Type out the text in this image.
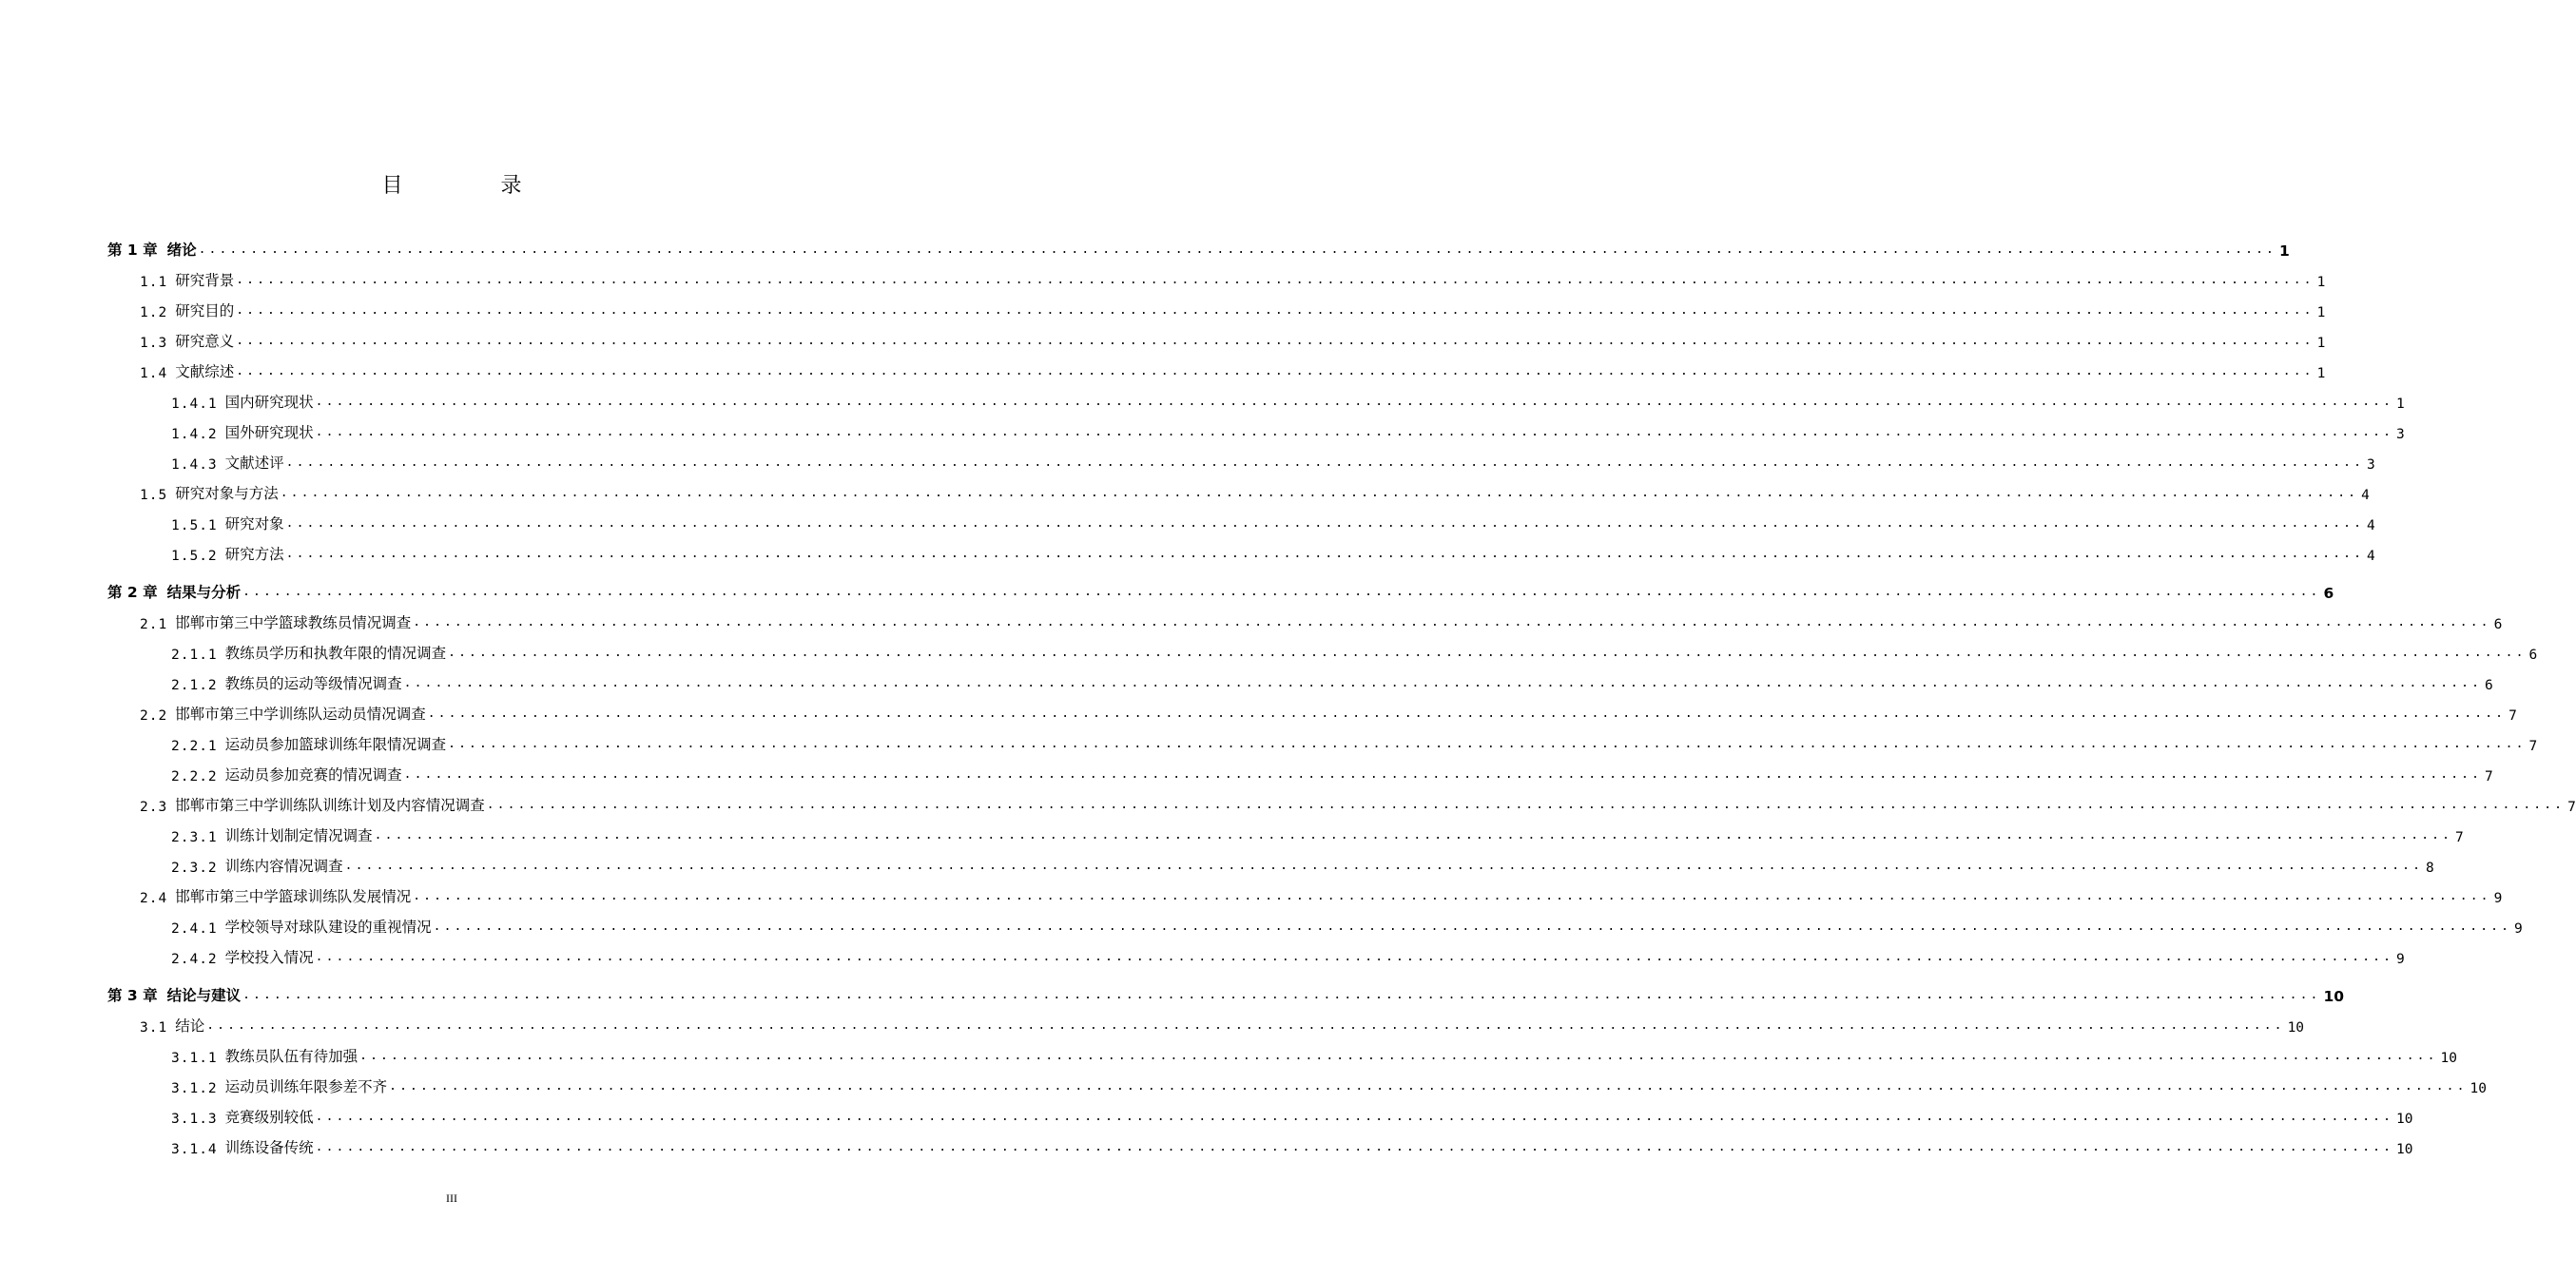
目 录
第 1 章 绪论 ........................................................................................................................................................................................................ 1
1.1 研究背景 ........................................................................................................................................................................................................ 1
1.2 研究目的 ........................................................................................................................................................................................................ 1
1.3 研究意义 ........................................................................................................................................................................................................ 1
1.4 文献综述 ........................................................................................................................................................................................................ 1
1.4.1 国内研究现状 ........................................................................................................................................................................................................ 1
1.4.2 国外研究现状 ........................................................................................................................................................................................................ 3
1.4.3 文献述评 ........................................................................................................................................................................................................ 3
1.5 研究对象与方法 ........................................................................................................................................................................................................ 4
1.5.1 研究对象 ........................................................................................................................................................................................................ 4
1.5.2 研究方法 ........................................................................................................................................................................................................ 4
第 2 章 结果与分析 ........................................................................................................................................................................................................ 6
2.1 邯郸市第三中学篮球教练员情况调查 ........................................................................................................................................................................................................ 6
2.1.1 教练员学历和执教年限的情况调查 ........................................................................................................................................................................................................ 6
2.1.2 教练员的运动等级情况调查 ........................................................................................................................................................................................................ 6
2.2 邯郸市第三中学训练队运动员情况调查 ........................................................................................................................................................................................................ 7
2.2.1 运动员参加篮球训练年限情况调查 ........................................................................................................................................................................................................ 7
2.2.2 运动员参加竞赛的情况调查 ........................................................................................................................................................................................................ 7
2.3 邯郸市第三中学训练队训练计划及内容情况调查 ........................................................................................................................................................................................................ 7
2.3.1 训练计划制定情况调查 ........................................................................................................................................................................................................ 7
2.3.2 训练内容情况调查 ........................................................................................................................................................................................................ 8
2.4 邯郸市第三中学篮球训练队发展情况 ........................................................................................................................................................................................................ 9
2.4.1 学校领导对球队建设的重视情况 ........................................................................................................................................................................................................ 9
2.4.2 学校投入情况 ........................................................................................................................................................................................................ 9
第 3 章 结论与建议 ........................................................................................................................................................................................................ 10
3.1 结论 ........................................................................................................................................................................................................ 10
3.1.1 教练员队伍有待加强 ........................................................................................................................................................................................................ 10
3.1.2 运动员训练年限参差不齐 ........................................................................................................................................................................................................ 10
3.1.3 竞赛级别较低 ........................................................................................................................................................................................................ 10
3.1.4 训练设备传统 ........................................................................................................................................................................................................ 10
III
